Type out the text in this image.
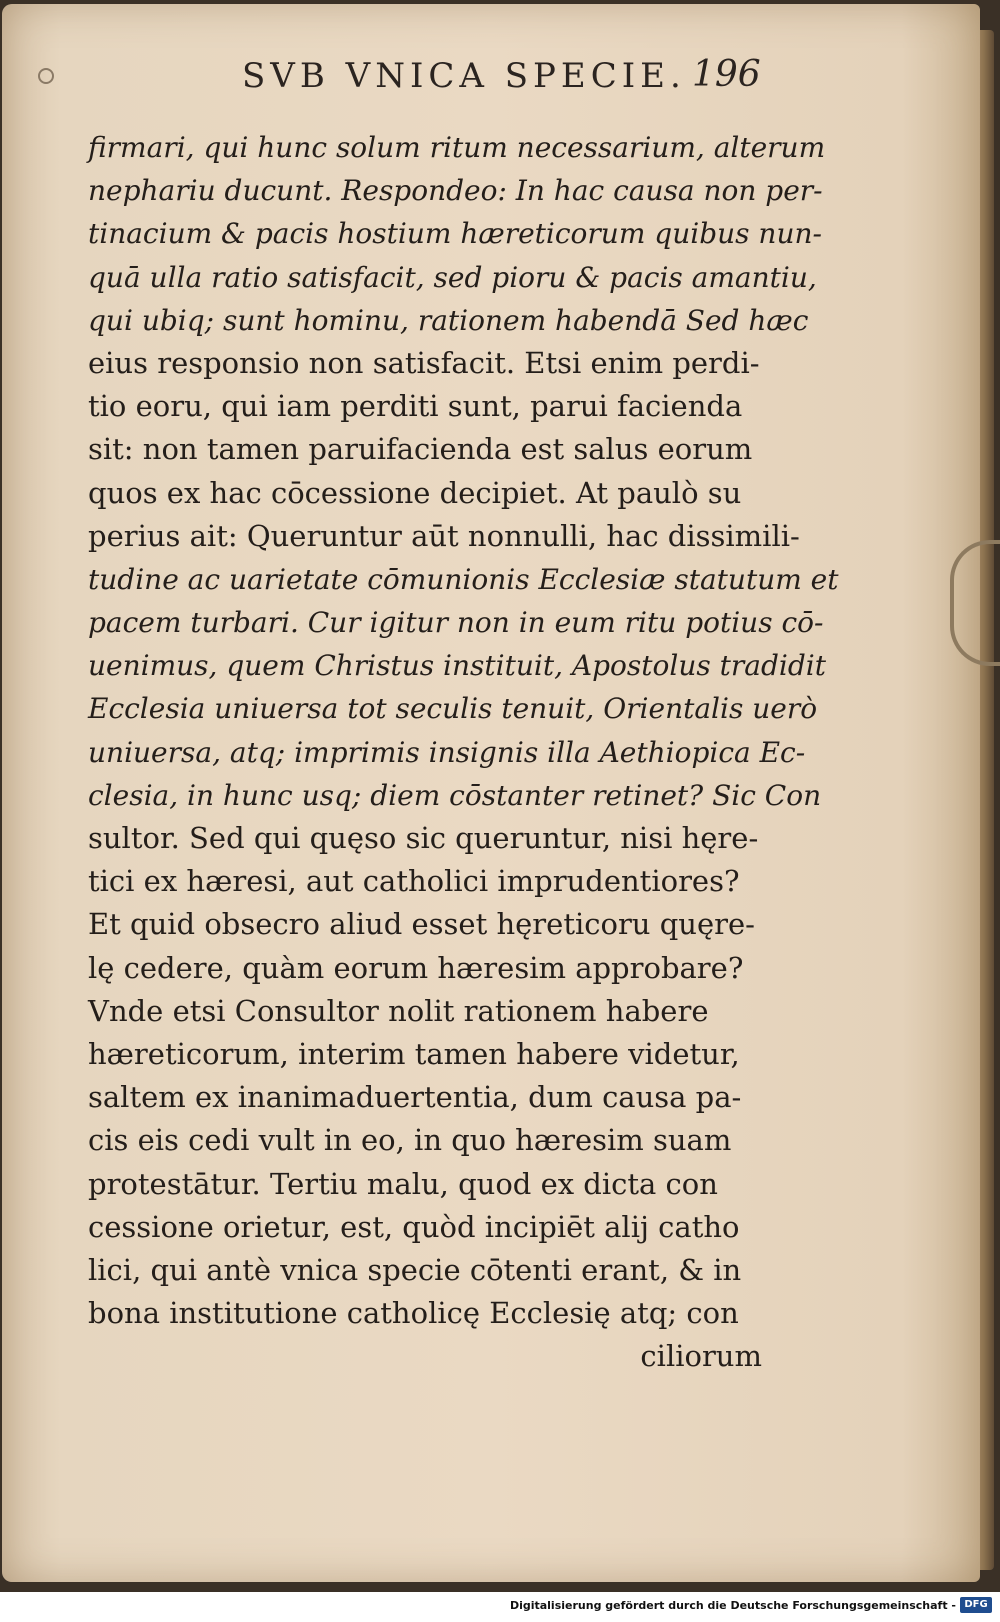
SVB VNICA SPECIE. 196
firmari, qui hunc solum ritum necessarium, alterum
nephariu ducunt. Respondeo: In hac causa non per-
tinacium & pacis hostium hæreticorum quibus nun-
quā ulla ratio satisfacit, sed pioru & pacis amantiu,
qui ubiq; sunt hominu, rationem habendā Sed hæc
eius responsio non satisfacit. Etsi enim perdi-
tio eoru, qui iam perditi sunt, parui facienda
sit: non tamen paruifacienda est salus eorum
quos ex hac cōcessione decipiet. At paulò su
perius ait: Queruntur aūt nonnulli, hac dissimili-
tudine ac uarietate cōmunionis Ecclesiæ statutum et
pacem turbari. Cur igitur non in eum ritu potius cō-
uenimus, quem Christus instituit, Apostolus tradidit
Ecclesia uniuersa tot seculis tenuit, Orientalis uerò
uniuersa, atq; imprimis insignis illa Aethiopica Ec-
clesia, in hunc usq; diem cōstanter retinet? Sic Con
sultor. Sed qui quęso sic queruntur, nisi hęre-
tici ex hæresi, aut catholici imprudentiores?
Et quid obsecro aliud esset hęreticoru quęre-
lę cedere, quàm eorum hæresim approbare?
Vnde etsi Consultor nolit rationem habere
hæreticorum, interim tamen habere videtur,
saltem ex inanimaduertentia, dum causa pa-
cis eis cedi vult in eo, in quo hæresim suam
protestātur. Tertiu malu, quod ex dicta con
cessione orietur, est, quòd incipiēt alij catho
lici, qui antè vnica specie cōtenti erant, & in
bona institutione catholicę Ecclesię atq; con
ciliorum
Digitalisierung gefördert durch die Deutsche Forschungsgemeinschaft - DFG
